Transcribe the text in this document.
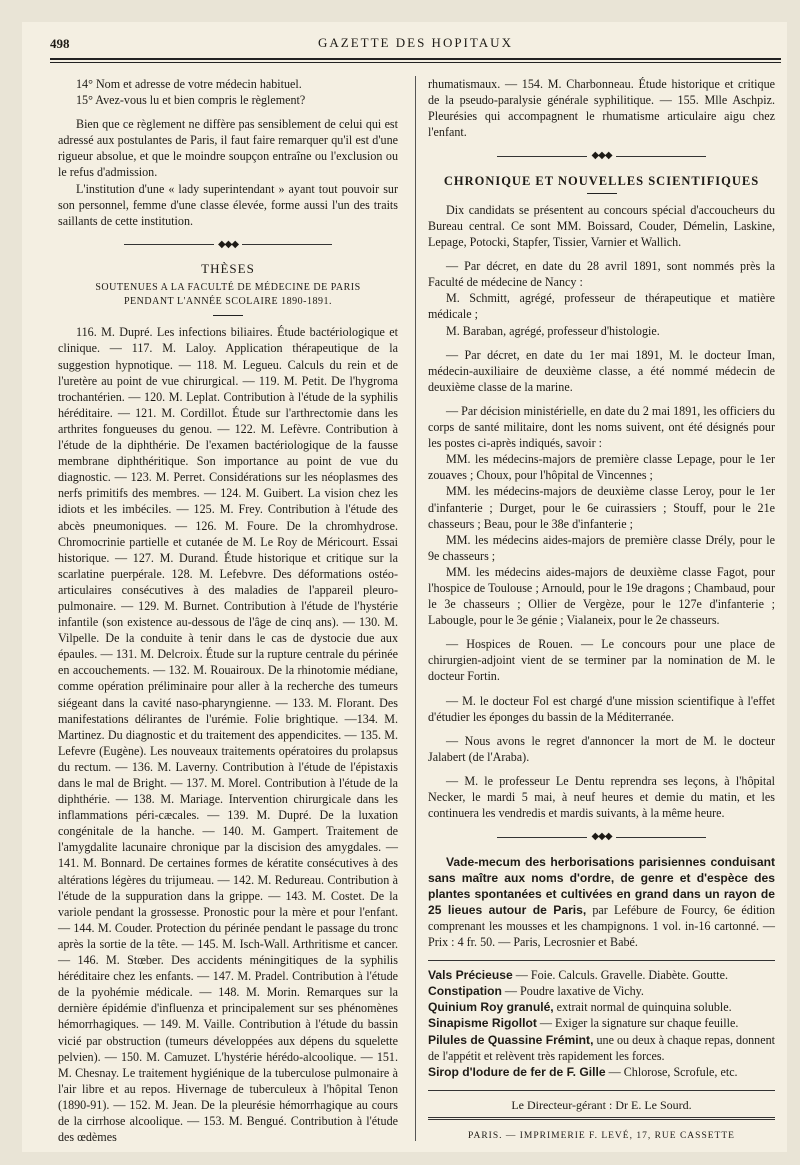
498	GAZETTE DES HOPITAUX

14° Nom et adresse de votre médecin habituel.

15° Avez-vous lu et bien compris le règlement?

Bien que ce règlement ne diffère pas sensiblement de celui qui est adressé aux postulantes de Paris, il faut faire remarquer qu'il est d'une rigueur absolue, et que le moindre soupçon entraîne ou l'exclusion ou le refus d'admission.

L'institution d'une « lady superintendant » ayant tout pouvoir sur son personnel, femme d'une classe élevée, forme aussi l'un des traits saillants de cette institution.

◆◆◆
THÈSES
SOUTENUES A LA FACULTÉ DE MÉDECINE DE PARIS
PENDANT L'ANNÉE SCOLAIRE 1890-1891.

116. M. Dupré. Les infections biliaires. Étude bactériologique et clinique. — 117. M. Laloy. Application thérapeutique de la suggestion hypnotique. — 118. M. Legueu. Calculs du rein et de l'uretère au point de vue chirurgical. — 119. M. Petit. De l'hygroma trochantérien. — 120. M. Leplat. Contribution à l'étude de la syphilis héréditaire. — 121. M. Cordillot. Étude sur l'arthrectomie dans les arthrites fongueuses du genou. — 122. M. Lefèvre. Contribution à l'étude de la diphthérie. De l'examen bactériologique de la fausse membrane diphthéritique. Son importance au point de vue du diagnostic. — 123. M. Perret. Considérations sur les néoplasmes des nerfs primitifs des membres. — 124. M. Guibert. La vision chez les idiots et les imbéciles. — 125. M. Frey. Contribution à l'étude des abcès pneumoniques. — 126. M. Foure. De la chromhydrose. Chromocrinie partielle et cutanée de M. Le Roy de Méricourt. Essai historique. — 127. M. Durand. Étude historique et critique sur la scarlatine puerpérale. 128. M. Lefebvre. Des déformations ostéo-articulaires consécutives à des maladies de l'appareil pleuro-pulmonaire. — 129. M. Burnet. Contribution à l'étude de l'hystérie infantile (son existence au-dessous de l'âge de cinq ans). — 130. M. Vilpelle. De la conduite à tenir dans le cas de dystocie due aux épaules. — 131. M. Delcroix. Étude sur la rupture centrale du périnée en accouchements. — 132. M. Rouairoux. De la rhinotomie médiane, comme opération préliminaire pour aller à la recherche des tumeurs siégeant dans la cavité naso-pharyngienne. — 133. M. Florant. Des manifestations délirantes de l'urémie. Folie brightique. —134. M. Martinez. Du diagnostic et du traitement des appendicites. — 135. M. Lefevre (Eugène). Les nouveaux traitements opératoires du prolapsus du rectum. — 136. M. Laverny. Contribution à l'étude de l'épistaxis dans le mal de Bright. — 137. M. Morel. Contribution à l'étude de la diphthérie. — 138. M. Mariage. Intervention chirurgicale dans les inflammations péri-cæcales. — 139. M. Dupré. De la luxation congénitale de la hanche. — 140. M. Gampert. Traitement de l'amygdalite lacunaire chronique par la discision des amygdales. — 141. M. Bonnard. De certaines formes de kératite consécutives à des altérations légères du trijumeau. — 142. M. Redureau. Contribution à l'étude de la suppuration dans la grippe. — 143. M. Costet. De la variole pendant la grossesse. Pronostic pour la mère et pour l'enfant. — 144. M. Couder. Protection du périnée pendant le passage du tronc après la sortie de la tête. — 145. M. Isch-Wall. Arthritisme et cancer. — 146. M. Stœber. Des accidents méningitiques de la syphilis héréditaire chez les enfants. — 147. M. Pradel. Contribution à l'étude de la pyohémie médicale. — 148. M. Morin. Remarques sur la dernière épidémie d'influenza et principalement sur ses phénomènes hémorrhagiques. — 149. M. Vaille. Contribution à l'étude du bassin vicié par obstruction (tumeurs développées aux dépens du squelette pelvien). — 150. M. Camuzet. L'hystérie hérédo-alcoolique. — 151. M. Chesnay. Le traitement hygiénique de la tuberculose pulmonaire à l'air libre et au repos. Hivernage de tuberculeux à l'hôpital Tenon (1890-91). — 152. M. Jean. De la pleurésie hémorrhagique au cours de la cirrhose alcoolique. — 153. M. Bengué. Contribution à l'étude des œdèmes

rhumatismaux. — 154. M. Charbonneau. Étude historique et critique de la pseudo-paralysie générale syphilitique. — 155. Mlle Aschpiz. Pleurésies qui accompagnent le rhumatisme articulaire aigu chez l'enfant.

◆◆◆
CHRONIQUE ET NOUVELLES SCIENTIFIQUES

Dix candidats se présentent au concours spécial d'accoucheurs du Bureau central. Ce sont MM. Boissard, Couder, Démelin, Laskine, Lepage, Potocki, Stapfer, Tissier, Varnier et Wallich.

— Par décret, en date du 28 avril 1891, sont nommés près la Faculté de médecine de Nancy :

M. Schmitt, agrégé, professeur de thérapeutique et matière médicale ;

M. Baraban, agrégé, professeur d'histologie.

— Par décret, en date du 1er mai 1891, M. le docteur Iman, médecin-auxiliaire de deuxième classe, a été nommé médecin de deuxième classe de la marine.

— Par décision ministérielle, en date du 2 mai 1891, les officiers du corps de santé militaire, dont les noms suivent, ont été désignés pour les postes ci-après indiqués, savoir :

MM. les médecins-majors de première classe Lepage, pour le 1er zouaves ; Choux, pour l'hôpital de Vincennes ;

MM. les médecins-majors de deuxième classe Leroy, pour le 1er d'infanterie ; Durget, pour le 6e cuirassiers ; Stouff, pour le 21e chasseurs ; Beau, pour le 38e d'infanterie ;

MM. les médecins aides-majors de première classe Drély, pour le 9e chasseurs ;

MM. les médecins aides-majors de deuxième classe Fagot, pour l'hospice de Toulouse ; Arnould, pour le 19e dragons ; Chambaud, pour le 3e chasseurs ; Ollier de Vergèze, pour le 127e d'infanterie ; Labougle, pour le 3e génie ; Vialaneix, pour le 2e chasseurs.

— Hospices de Rouen. — Le concours pour une place de chirurgien-adjoint vient de se terminer par la nomination de M. le docteur Fortin.

— M. le docteur Fol est chargé d'une mission scientifique à l'effet d'étudier les éponges du bassin de la Méditerranée.

— Nous avons le regret d'annoncer la mort de M. le docteur Jalabert (de l'Araba).

— M. le professeur Le Dentu reprendra ses leçons, à l'hôpital Necker, le mardi 5 mai, à neuf heures et demie du matin, et les continuera les vendredis et mardis suivants, à la même heure.

◆◆◆

Vade-mecum des herborisations parisiennes conduisant sans maître aux noms d'ordre, de genre et d'espèce des plantes spontanées et cultivées en grand dans un rayon de 25 lieues autour de Paris, par Lefébure de Fourcy, 6e édition comprenant les mousses et les champignons. 1 vol. in-16 cartonné. — Prix : 4 fr. 50. — Paris, Lecrosnier et Babé.

Vals Précieuse — Foie. Calculs. Gravelle. Diabète. Goutte.

Constipation — Poudre laxative de Vichy.

Quinium Roy granulé, extrait normal de quinquina soluble.

Sinapisme Rigollot — Exiger la signature sur chaque feuille.

Pilules de Quassine Frémint, une ou deux à chaque repas, donnent de l'appétit et relèvent très rapidement les forces.

Sirop d'Iodure de fer de F. Gille — Chlorose, Scrofule, etc.

Le Directeur-gérant : Dr E. Le Sourd.
PARIS. — IMPRIMERIE F. LEVÉ, 17, RUE CASSETTE
